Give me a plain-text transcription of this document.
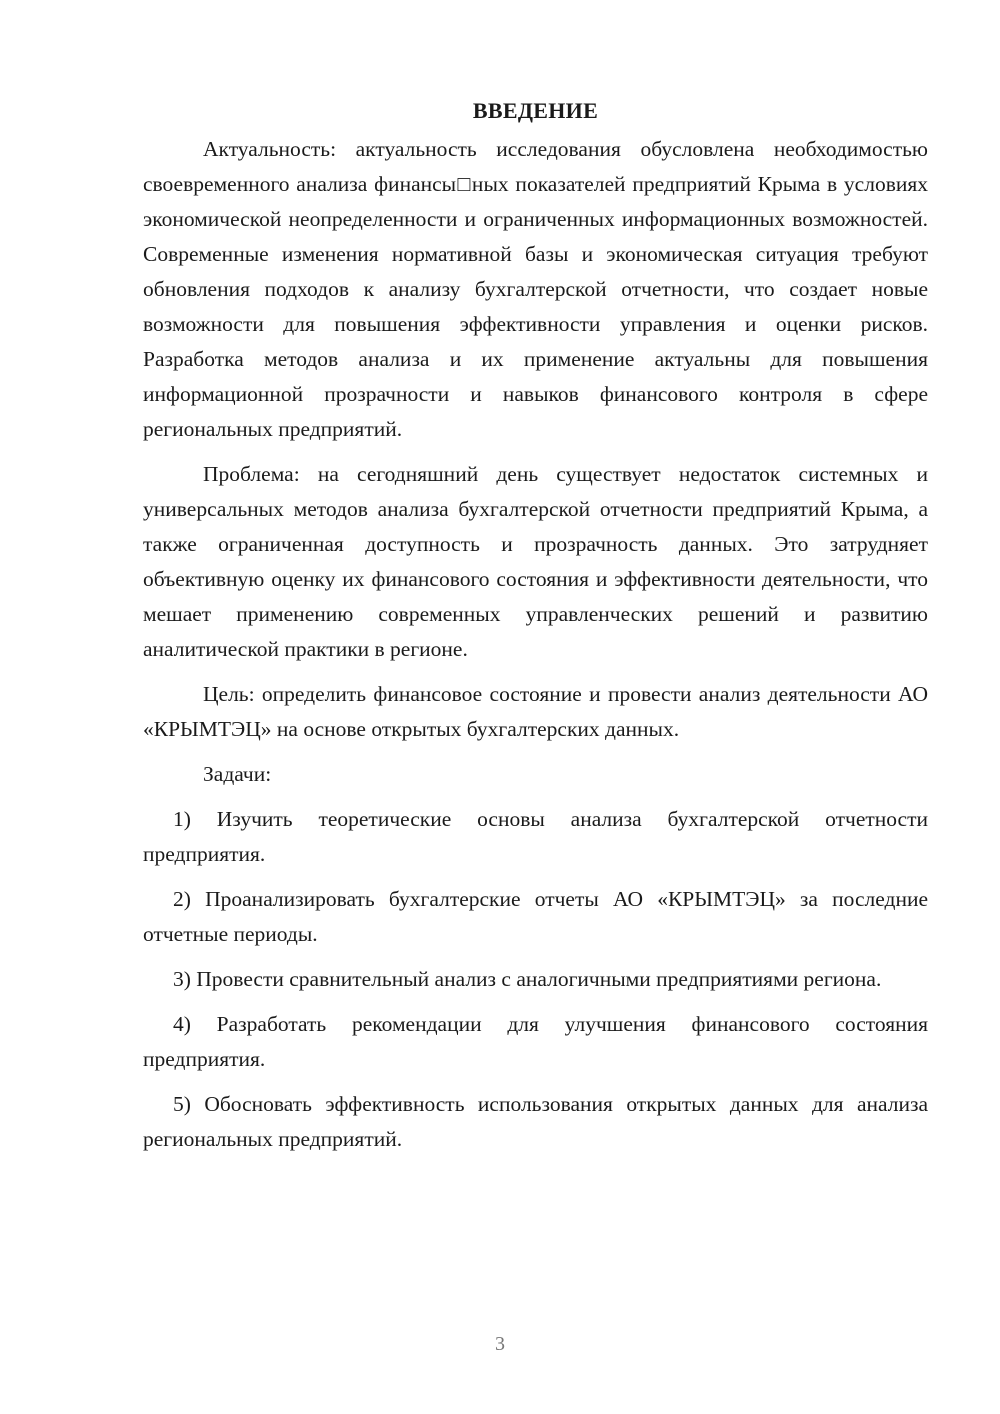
ВВЕДЕНИЕ

Актуальность: актуальность исследования обусловлена необходимостью своевременного анализа финансы□ных показателей предприятий Крыма в условиях экономической неопределенности и ограниченных информационных возможностей. Современные изменения нормативной базы и экономическая ситуация требуют обновления подходов к анализу бухгалтерской отчетности, что создает новые возможности для повышения эффективности управления и оценки рисков. Разработка методов анализа и их применение актуальны для повышения информационной прозрачности и навыков финансового контроля в сфере региональных предприятий.

Проблема: на сегодняшний день существует недостаток системных и универсальных методов анализа бухгалтерской отчетности предприятий Крыма, а также ограниченная доступность и прозрачность данных. Это затрудняет объективную оценку их финансового состояния и эффективности деятельности, что мешает применению современных управленческих решений и развитию аналитической практики в регионе.

Цель: определить финансовое состояние и провести анализ деятельности АО «КРЫМТЭЦ» на основе открытых бухгалтерских данных.

Задачи:

1) Изучить теоретические основы анализа бухгалтерской отчетности предприятия.

2) Проанализировать бухгалтерские отчеты АО «КРЫМТЭЦ» за последние отчетные периоды.

3) Провести сравнительный анализ с аналогичными предприятиями региона.

4) Разработать рекомендации для улучшения финансового состояния предприятия.

5) Обосновать эффективность использования открытых данных для анализа региональных предприятий.

3
